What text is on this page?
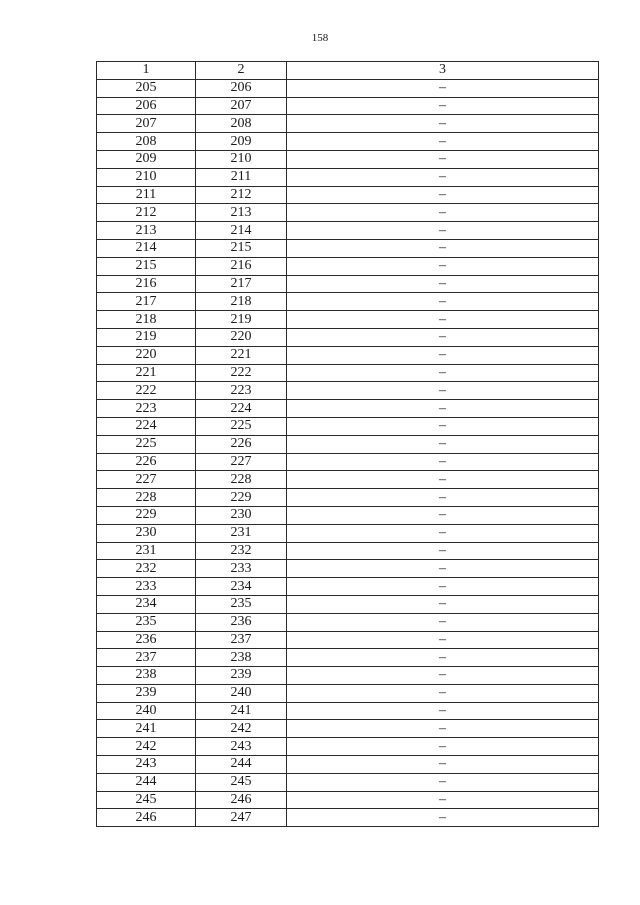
158
1	2	3
205	206	–
206	207	–
207	208	–
208	209	–
209	210	–
210	211	–
211	212	–
212	213	–
213	214	–
214	215	–
215	216	–
216	217	–
217	218	–
218	219	–
219	220	–
220	221	–
221	222	–
222	223	–
223	224	–
224	225	–
225	226	–
226	227	–
227	228	–
228	229	–
229	230	–
230	231	–
231	232	–
232	233	–
233	234	–
234	235	–
235	236	–
236	237	–
237	238	–
238	239	–
239	240	–
240	241	–
241	242	–
242	243	–
243	244	–
244	245	–
245	246	–
246	247	–
